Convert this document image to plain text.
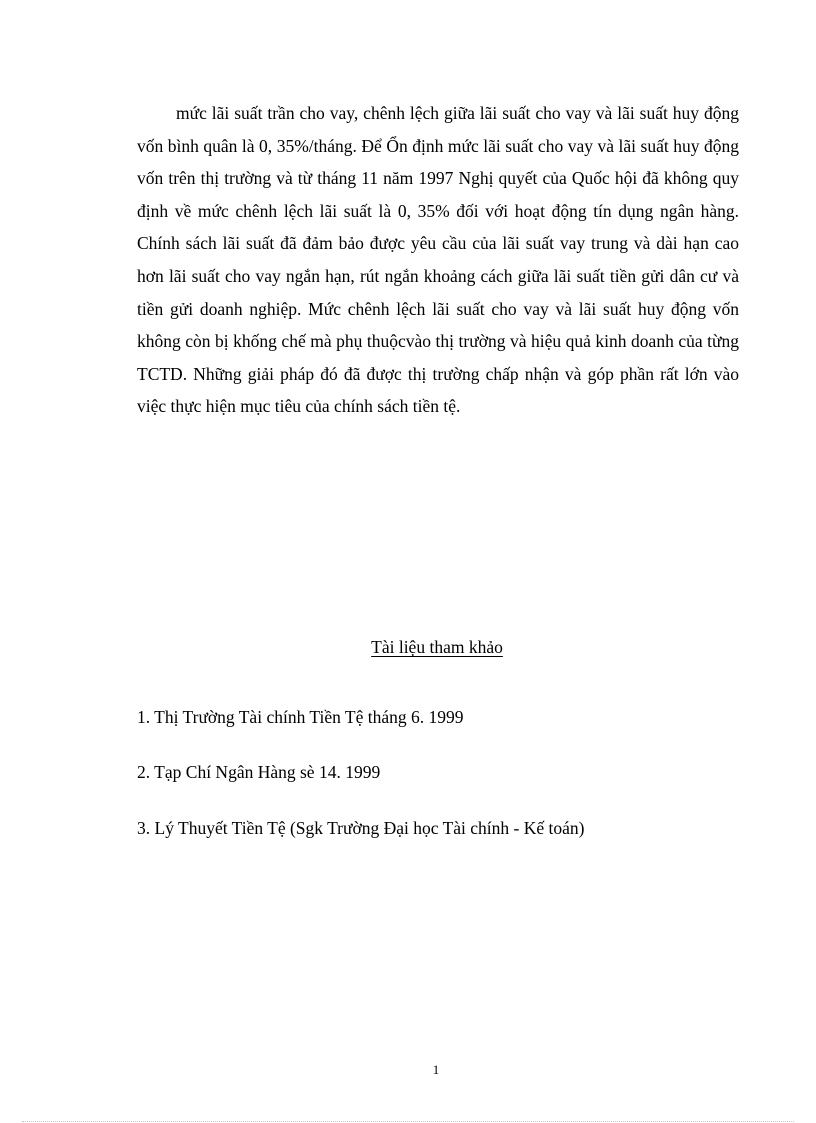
mức lãi suất trần cho vay, chênh lệch giữa lãi suất cho vay và lãi suất huy động vốn bình quân là 0, 35%/tháng. Để Ổn định mức lãi suất cho vay và lãi suất huy động vốn trên thị trường và từ tháng 11 năm 1997 Nghị quyết của Quốc hội đã không quy định về mức chênh lệch lãi suất là 0, 35% đối với hoạt động tín dụng ngân hàng. Chính sách lãi suất đã đảm bảo được yêu cầu của lãi suất vay trung và dài hạn cao hơn lãi suất cho vay ngắn hạn, rút ngắn khoảng cách giữa lãi suất tiền gửi dân cư và tiền gửi doanh nghiệp. Mức chênh lệch lãi suất cho vay và lãi suất huy động vốn không còn bị khống chế mà phụ thuộcvào thị trường và hiệu quả kinh doanh của từng TCTD. Những giải pháp đó đã được thị trường chấp nhận và góp phần rất lớn vào việc thực hiện mục tiêu của chính sách tiền tệ.

Tài liệu tham khảo

1. Thị Trường Tài chính Tiền Tệ tháng 6. 1999

2. Tạp Chí Ngân Hàng sè 14. 1999

3. Lý Thuyết Tiền Tệ (Sgk Trường Đại học Tài chính - Kế toán)

1
